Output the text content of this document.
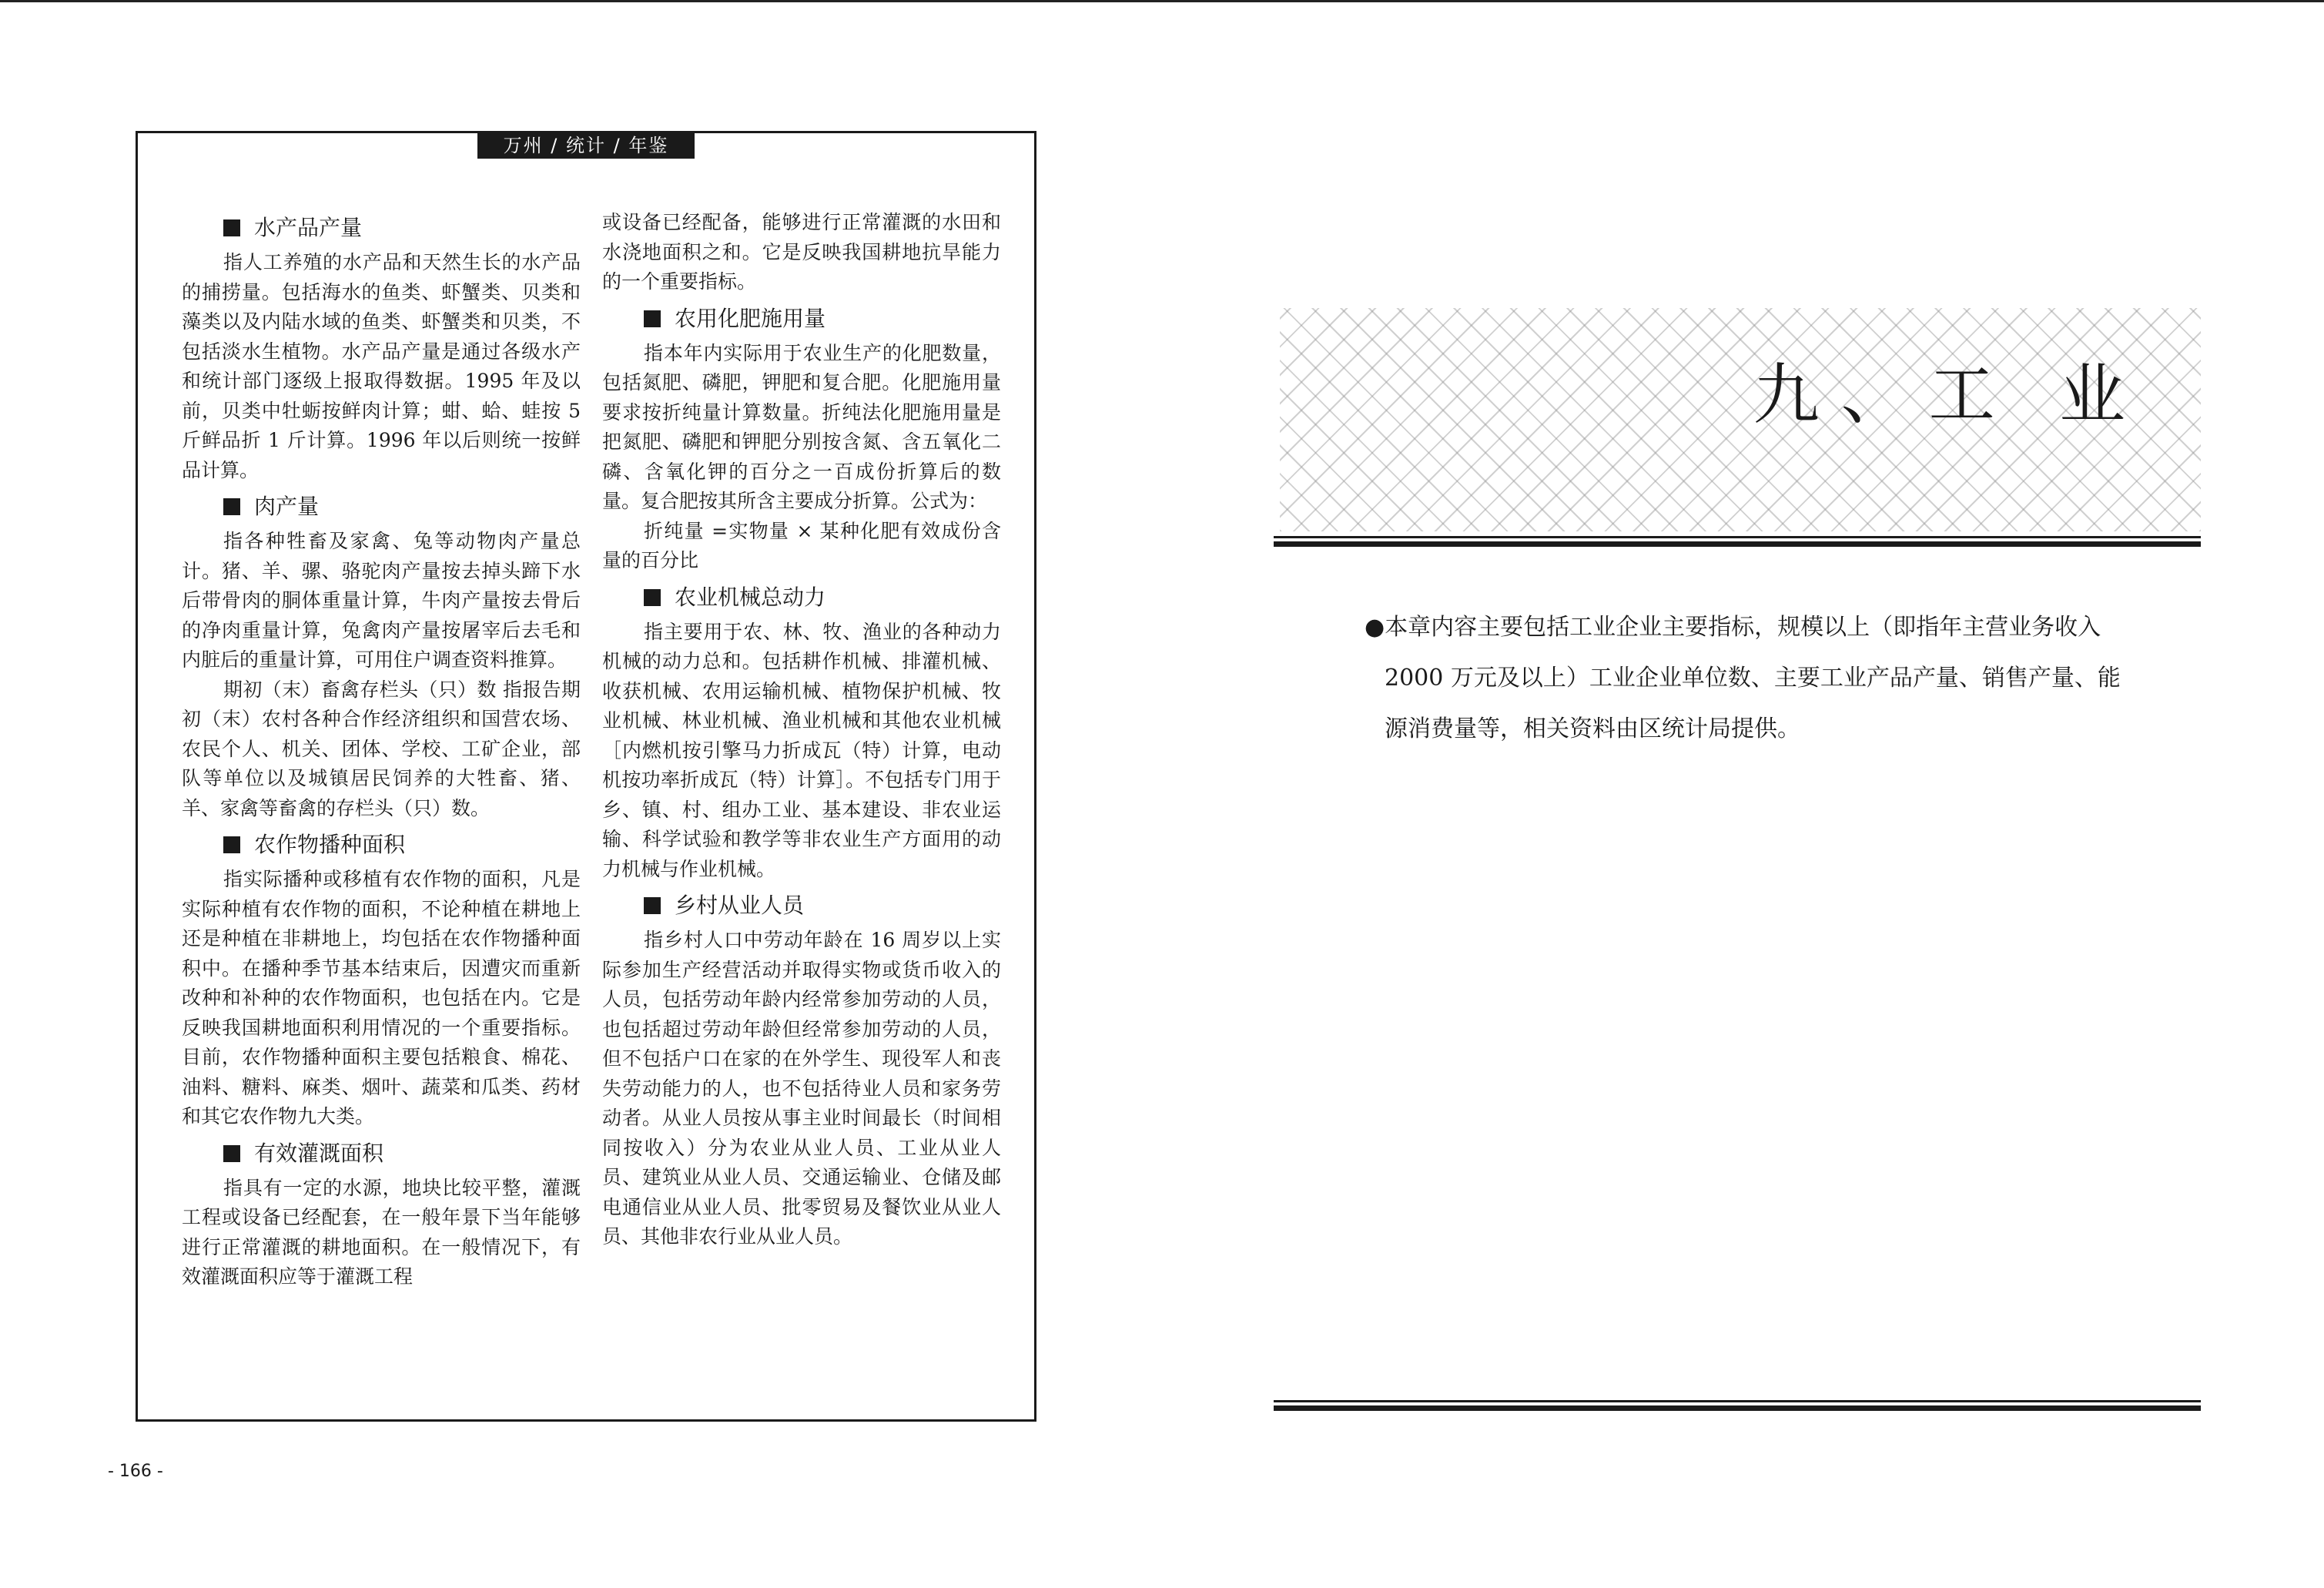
万州 / 统计 / 年鉴
水产品产量

指人工养殖的水产品和天然生长的水产品的捕捞量。包括海水的鱼类、虾蟹类、贝类和藻类以及内陆水域的鱼类、虾蟹类和贝类，不包括淡水生植物。水产品产量是通过各级水产和统计部门逐级上报取得数据。1995 年及以前，贝类中牡蛎按鲜肉计算；蚶、蛤、蛙按 5 斤鲜品折 1 斤计算。1996 年以后则统一按鲜品计算。

肉产量

指各种牲畜及家禽、兔等动物肉产量总计。猪、羊、骡、骆驼肉产量按去掉头蹄下水后带骨肉的胴体重量计算，牛肉产量按去骨后的净肉重量计算，兔禽肉产量按屠宰后去毛和内脏后的重量计算，可用住户调查资料推算。

期初（末）畜禽存栏头（只）数 指报告期初（末）农村各种合作经济组织和国营农场、农民个人、机关、团体、学校、工矿企业，部队等单位以及城镇居民饲养的大牲畜、猪、羊、家禽等畜禽的存栏头（只）数。

农作物播种面积

指实际播种或移植有农作物的面积，凡是实际种植有农作物的面积，不论种植在耕地上还是种植在非耕地上，均包括在农作物播种面积中。在播种季节基本结束后，因遭灾而重新改种和补种的农作物面积，也包括在内。它是反映我国耕地面积利用情况的一个重要指标。目前，农作物播种面积主要包括粮食、棉花、油料、糖料、麻类、烟叶、蔬菜和瓜类、药材和其它农作物九大类。

有效灌溉面积

指具有一定的水源，地块比较平整，灌溉工程或设备已经配套，在一般年景下当年能够进行正常灌溉的耕地面积。在一般情况下，有效灌溉面积应等于灌溉工程

或设备已经配备，能够进行正常灌溉的水田和水浇地面积之和。它是反映我国耕地抗旱能力的一个重要指标。

农用化肥施用量

指本年内实际用于农业生产的化肥数量，包括氮肥、磷肥，钾肥和复合肥。化肥施用量要求按折纯量计算数量。折纯法化肥施用量是把氮肥、磷肥和钾肥分别按含氮、含五氧化二磷、含氧化钾的百分之一百成份折算后的数量。复合肥按其所含主要成分折算。公式为：

折纯量 =实物量 × 某种化肥有效成份含量的百分比

农业机械总动力

指主要用于农、林、牧、渔业的各种动力机械的动力总和。包括耕作机械、排灌机械、收获机械、农用运输机械、植物保护机械、牧业机械、林业机械、渔业机械和其他农业机械［内燃机按引擎马力折成瓦（特）计算，电动机按功率折成瓦（特）计算］。不包括专门用于乡、镇、村、组办工业、基本建设、非农业运输、科学试验和教学等非农业生产方面用的动力机械与作业机械。

乡村从业人员

指乡村人口中劳动年龄在 16 周岁以上实际参加生产经营活动并取得实物或货币收入的人员，包括劳动年龄内经常参加劳动的人员，也包括超过劳动年龄但经常参加劳动的人员，但不包括户口在家的在外学生、现役军人和丧失劳动能力的人，也不包括待业人员和家务劳动者。从业人员按从事主业时间最长（时间相同按收入）分为农业从业人员、工业从业人员、建筑业从业人员、交通运输业、仓储及邮电通信业从业人员、批零贸易及餐饮业从业人员、其他非农行业从业人员。

- 166 -
九、工 业

●本章内容主要包括工业企业主要指标，规模以上（即指年主营业务收入2000 万元及以上）工业企业单位数、主要工业产品产量、销售产量、能源消费量等，相关资料由区统计局提供。
